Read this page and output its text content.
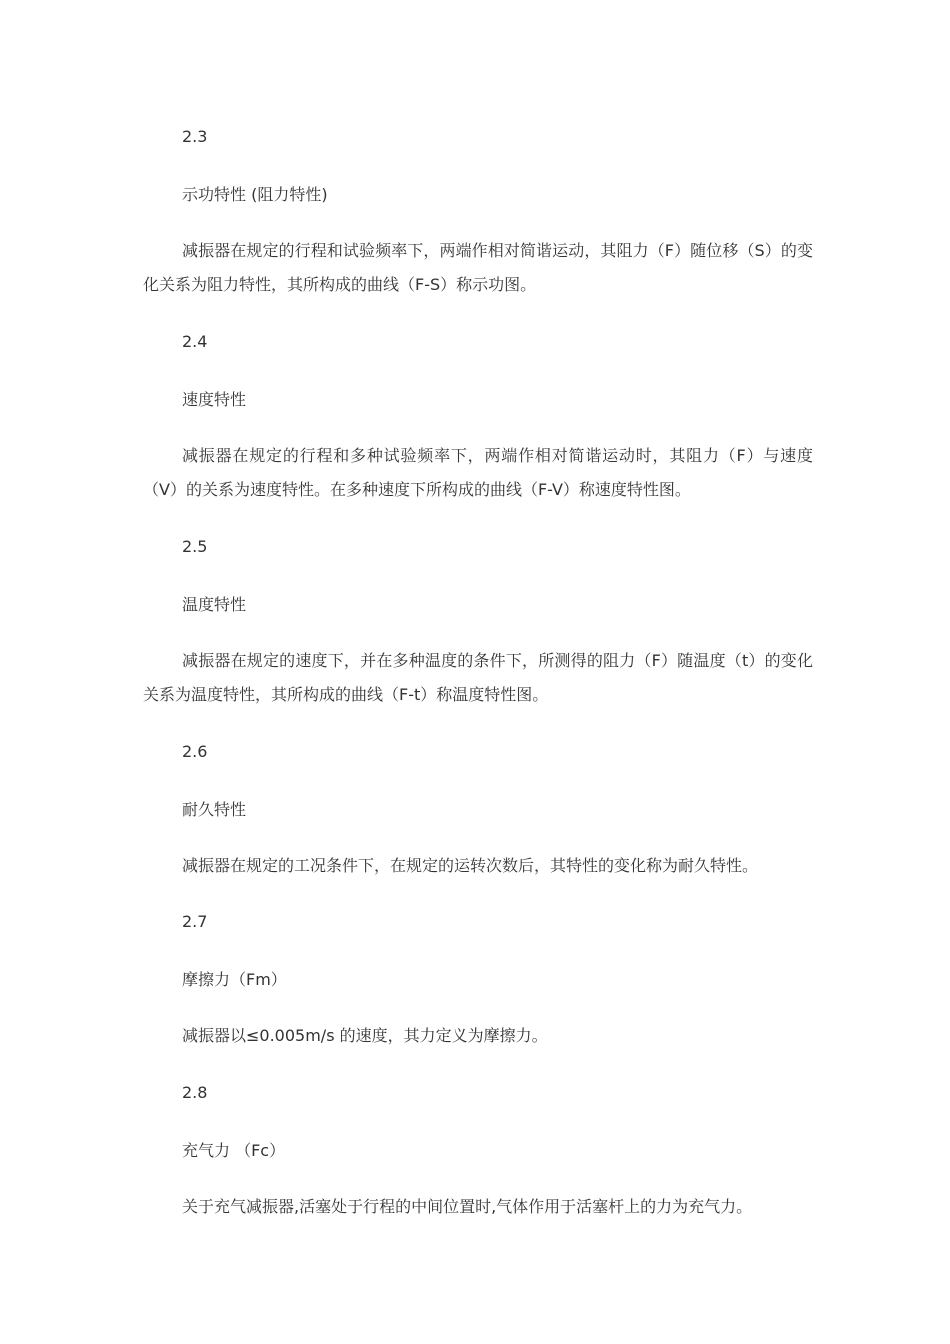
2.3
示功特性 (阻力特性)
减振器在规定的行程和试验频率下，两端作相对简谐运动，其阻力（F）随位移（S）的变化关系为阻力特性，其所构成的曲线（F-S）称示功图。
2.4
速度特性
减振器在规定的行程和多种试验频率下，两端作相对简谐运动时，其阻力（F）与速度（V）的关系为速度特性。在多种速度下所构成的曲线（F-V）称速度特性图。
2.5
温度特性
减振器在规定的速度下，并在多种温度的条件下，所测得的阻力（F）随温度（t）的变化关系为温度特性，其所构成的曲线（F-t）称温度特性图。
2.6
耐久特性
减振器在规定的工况条件下，在规定的运转次数后，其特性的变化称为耐久特性。
2.7
摩擦力（Fm）
减振器以≤0.005m/s 的速度，其力定义为摩擦力。
2.8
充气力 （Fc）
关于充气减振器,活塞处于行程的中间位置时,气体作用于活塞杆上的力为充气力。
